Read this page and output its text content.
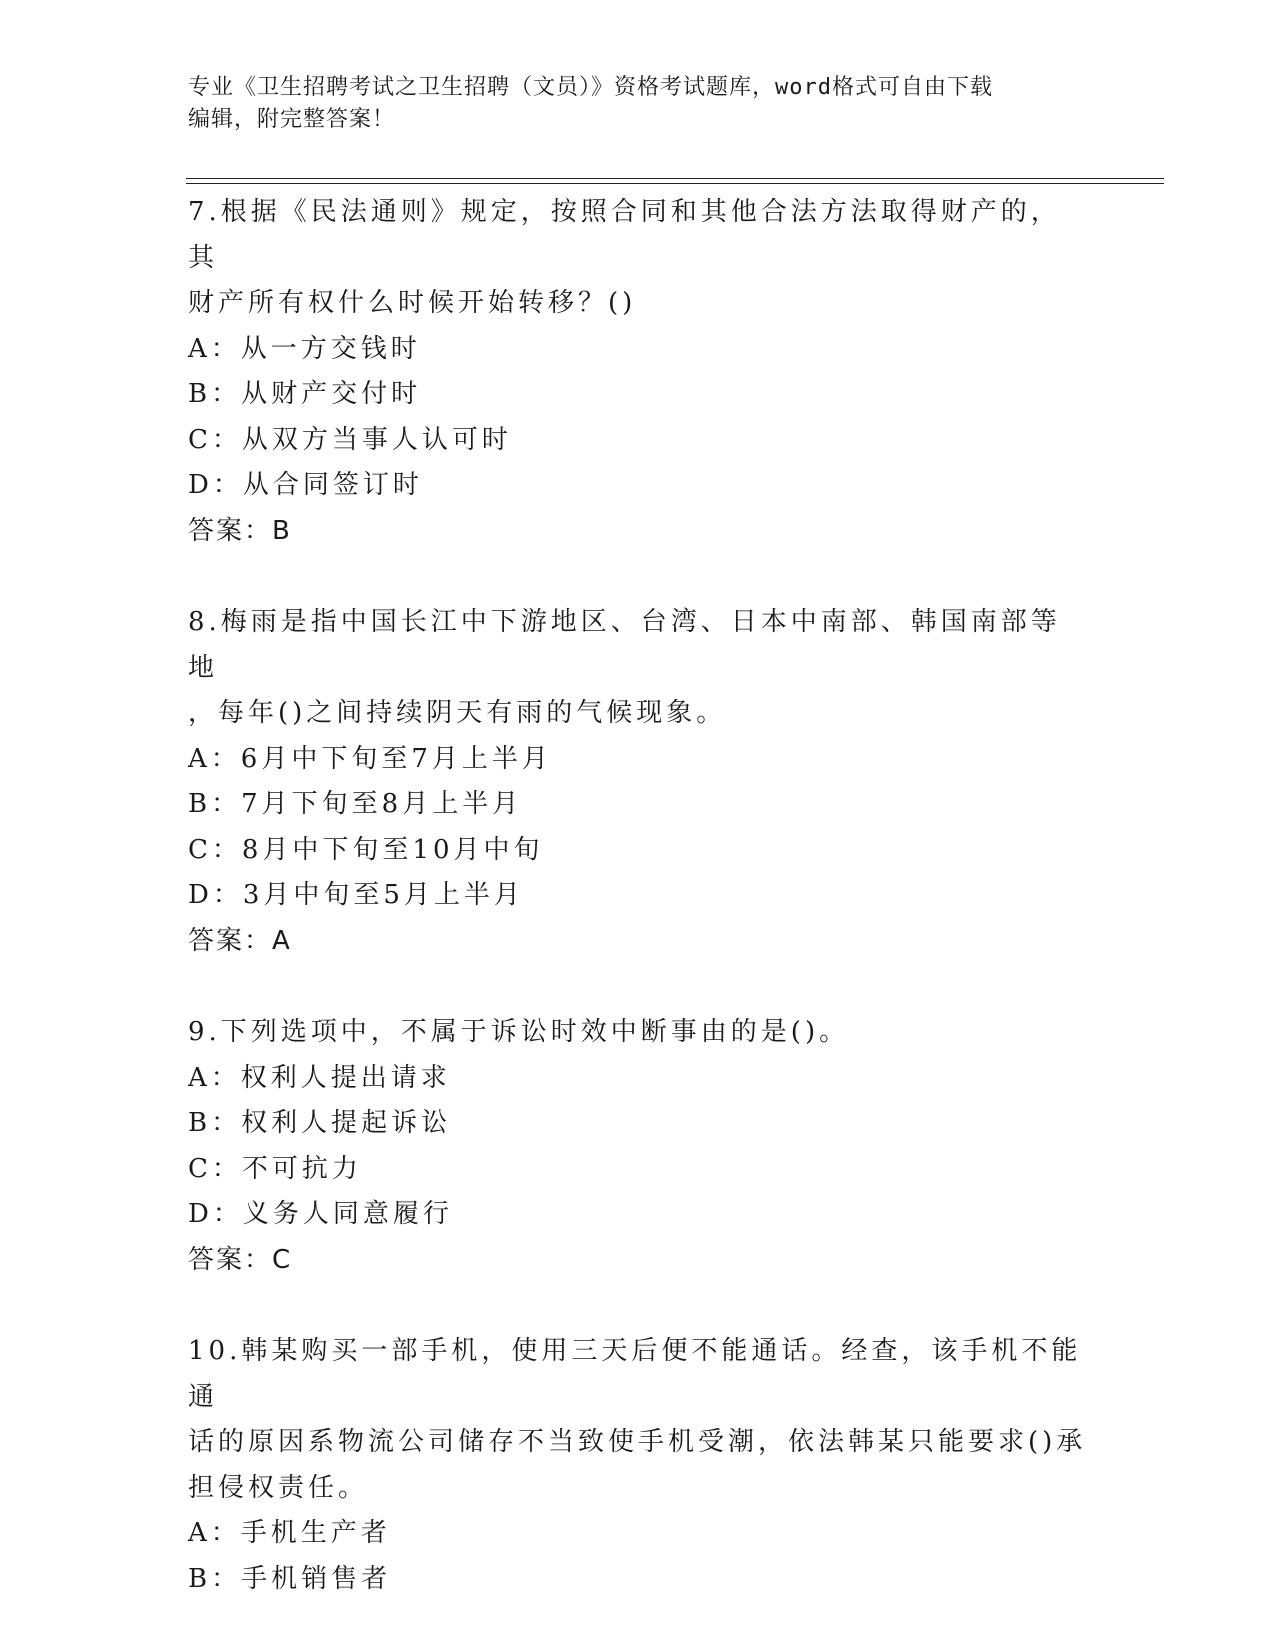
专业《卫生招聘考试之卫生招聘（文员）》资格考试题库，word格式可自由下载
编辑，附完整答案！
7.根据《民法通则》规定，按照合同和其他合法方法取得财产的，其
财产所有权什么时候开始转移？()
A：从一方交钱时
B：从财产交付时
C：从双方当事人认可时
D：从合同签订时
答案：B
8.梅雨是指中国长江中下游地区、台湾、日本中南部、韩国南部等地
，每年()之间持续阴天有雨的气候现象。
A：6月中下旬至7月上半月
B：7月下旬至8月上半月
C：8月中下旬至10月中旬
D：3月中旬至5月上半月
答案：A
9.下列选项中，不属于诉讼时效中断事由的是()。
A：权利人提出请求
B：权利人提起诉讼
C：不可抗力
D：义务人同意履行
答案：C
10.韩某购买一部手机，使用三天后便不能通话。经查，该手机不能通
话的原因系物流公司储存不当致使手机受潮，依法韩某只能要求()承
担侵权责任。
A：手机生产者
B：手机销售者
